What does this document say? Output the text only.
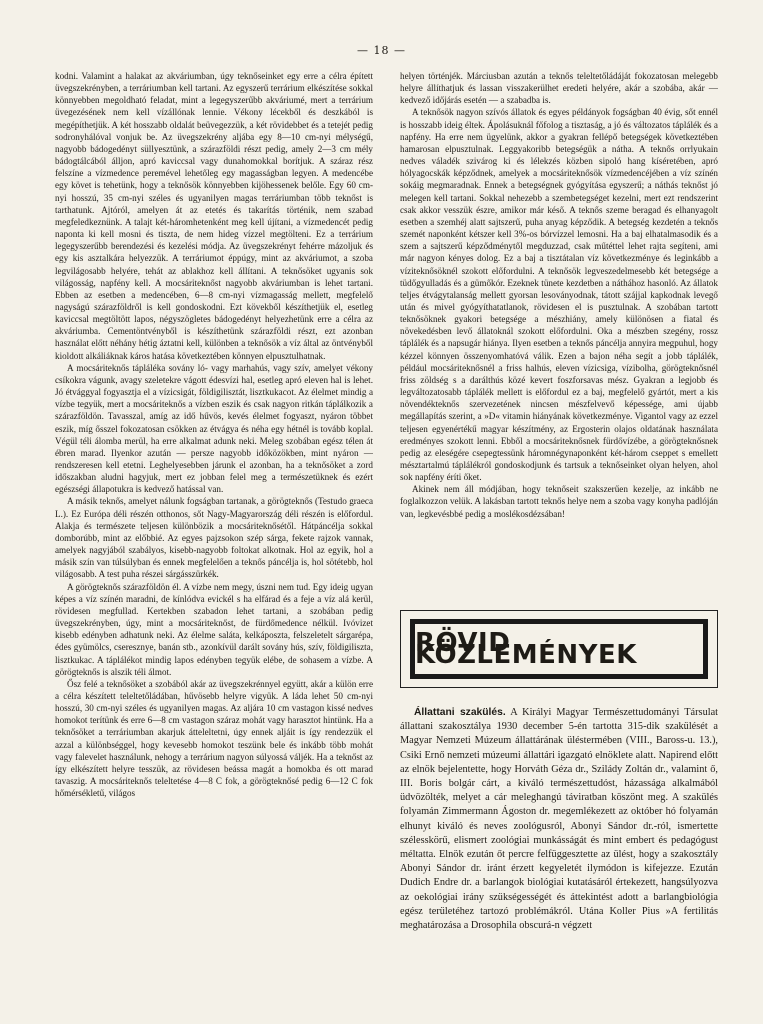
— 18 —

kodni. Valamint a halakat az akváriumban, úgy teknőseinket egy erre a célra épített üvegszekrényben, a terráriumban kell tartani. Az egyszerű terrárium elkészítése sokkal könnyebben megoldható feladat, mint a legegyszerűbb akváriumé, mert a terrárium üvegezésének nem kell vízállónak lennie. Vékony lécekből és deszkából is megépíthetjük. A két hosszabb oldalát beüvegezzük, a két rövidebbet és a tetejét pedig sodronyhálóval vonjuk be. Az üvegszekrény aljába egy 8—10 cm-nyi mélységű, nagyobb bádogedényt süllyesztünk, a szárazföldi részt pedig, amely 2—3 cm mély bádogtálcából álljon, apró kaviccsal vagy dunahomokkal borítjuk. A száraz rész felszíne a vízmedence peremével lehetőleg egy magasságban legyen. A medencébe egy követ is tehetünk, hogy a teknősök könnyebben kijöhessenek belőle. Egy 60 cm-nyi hosszú, 35 cm-nyi széles és ugyanilyen magas terráriumban több teknőst is tarthatunk. Ajtóról, amelyen át az etetés és takarítás történik, nem szabad megfeledkeznünk. A talajt két-háromhetenként meg kell újítani, a vízmedencét pedig naponta ki kell mosni és tiszta, de nem hideg vízzel megtölteni. Ez a terrárium legegyszerűbb berendezési és kezelési módja. Az üvegszekrényt fehérre mázoljuk és egy kis asztalkára helyezzük. A terráriumot éppúgy, mint az akváriumot, a szoba legvilágosabb helyére, tehát az ablakhoz kell állítani. A teknősöket ugyanis sok világosság, napfény kell. A mocsáriteknőst nagyobb akváriumban is lehet tartani. Ebben az esetben a medencében, 6—8 cm-nyi vízmagasság mellett, megfelelő nagyságú szárazföldről is kell gondoskodni. Ezt kövekből készíthetjük el, esetleg kaviccsal megtöltött lapos, négyszögletes bádogedényt helyezhetünk erre a célra az akváriumba. Cementöntvényből is készíthetünk szárazföldi részt, ezt azonban használat előtt néhány hétig áztatni kell, különben a teknősök a víz által az öntvényből kioldott alkáliáknak káros hatása következtében könnyen elpusztulhatnak.

A mocsáriteknős táplálékа sovány ló- vagy marhahús, vagy szív, amelyet vékony csíkokra vágunk, avagy szeletekre vágott édesvízi hal, esetleg apró eleven hal is lehet. Jó étvággyal fogyasztja el a vízicsigát, földigilisztát, lisztkukacot. Az élelmet mindig a vízbe tegyük, mert a mocsáriteknős a vízben eszik és csak nagyon ritkán táplálkozik a szárazföldön. Tavasszal, amíg az idő hűvös, kevés élelmet fogyaszt, nyáron többet eszik, míg ősszel fokozatosan csökken az étvágya és néha egy hétnél is tovább koplal. Végül téli álomba merül, ha erre alkalmat adunk neki. Meleg szobában egész télen át ébren marad. Ilyenkor azután — persze nagyobb időközökben, mint nyáron — rendszeresen kell etetni. Leghelyesebben járunk el azonban, ha a teknősöket a zord időszakban aludni hagyjuk, mert ez jobban felel meg a természetüknek és ezért egészségi állapotukra is kedvező hatással van.

A másik teknős, amelyet nálunk fogságban tartanak, a görögteknős (Testudo graeca L.). Ez Európa déli részén otthonos, sőt Nagy-Magyarország déli részén is előfordul. Alakja és természete teljesen különbözik a mocsáriteknősétől. Hátpáncélja sokkal domborúbb, mint az előbbié. Az egyes pajzsokon szép sárga, fekete rajzok vannak, amelyek nagyjából szabályos, kisebb-nagyobb foltokat alkotnak. Hol az egyik, hol a másik szín van túlsúlyban és ennek megfelelően a teknős páncélja is, hol sötétebb, hol világosabb. A test puha részei sárgásszürkék.

A görögteknős szárazföldön él. A vízbe nem megy, úszni nem tud. Egy ideig ugyan képes a víz színén maradni, de kínlódva evickél s ha elfárad és a feje a víz alá kerül, rövidesen megfullad. Kertekben szabadon lehet tartani, a szobában pedig üvegszekrényben, úgy, mint a mocsáriteknőst, de fürdőmedence nélkül. Ivóvizet kisebb edényben adhatunk neki. Az élelme saláta, kelkáposzta, felszeletelt sárgarépa, édes gyümölcs, cseresznye, banán stb., azonkívül darált sovány hús, szív, földigiliszta, lisztkukac. A táplálékot mindig lapos edényben tegyük elébe, de sohasem a vízbe. A görögteknős is alszik téli álmot.

Ősz felé a teknősöket a szobából akár az üvegszekrénnyel együtt, akár a külön erre a célra készített teleltetőládában, hűvösebb helyre vigyük. A láda lehet 50 cm-nyi hosszú, 30 cm-nyi széles és ugyanilyen magas. Az aljára 10 cm vastagon kissé nedves homokot terítünk és erre 6—8 cm vastagon száraz mohát vagy harasztot hintünk. Ha a teknősöket a terráriumban akarjuk átteleltetni, úgy ennek aljáit is így rendezzük el azzal a különbséggel, hogy kevesebb homokot teszünk bele és inkább több mohát vagy falevelet használunk, nehogy a terrárium nagyon súlyossá váljék. Ha a teknőst az így elkészített helyre tesszük, az rövidesen beássa magát a homokba és ott marad tavaszig. A mocsáriteknős teleltetése 4—8 C fok, a görögteknősé pedig 6—12 C fok hőmérsékletű, világos

helyen történjék. Márciusban azután a teknős teleltetőládáját fokozatosan melegebb helyre állíthatjuk és lassan visszakerülhet eredeti helyére, akár a szobába, akár — kedvező időjárás esetén — a szabadba is.

A teknősök nagyon szívós állatok és egyes példányok fogságban 40 évig, sőt ennél is hosszabb ideig éltek. Ápolásuknál főfolog a tisztaság, a jó és változatos táplálék és a napfény. Ha erre nem ügyelünk, akkor a gyakran fellépő betegségek következtében hamarosan elpusztulnak. Leggyakoribb betegségük a nátha. A teknős orrlyukain nedves váladék szivárog ki és lélekzés közben sipoló hang kíséretében, apró hólyagocskák képződnek, amelyek a mocsáriteknősök vízmedencéjében a víz színén sokáig megmaradnak. Ennek a betegségnek gyógyítása egyszerű; a náthás teknőst jó melegen kell tartani. Sokkal nehezebb a szembetegséget kezelni, mert ezt rendszerint csak akkor vesszük észre, amikor már késő. A teknős szeme beragad és elhanyagolt esetben a szemhéj alatt sajtszerű, puha anyag képződik. A betegség kezdetén a teknős szemét naponként kétszer kell 3%-os bórvízzel lemosni. Ha a baj elhatalmasodik és a szem a sajtszerű képződménytől megduzzad, csak műtéttel lehet rajta segíteni, ami már nagyon kényes dolog. Ez a baj a tisztátalan víz következménye és leginkább a víziteknősöknél szokott előfordulni. A teknősök legveszedelmesebb két betegsége a tüdőgyulladás és a gümőkór. Ezeknek tünete kezdetben a náthához hasonló. Az állatok teljes étvágytalanság mellett gyorsan lesoványodnak, tátott szájjal kapkodnak levegő után és mivel gyógyíthatatlanok, rövidesen el is pusztulnak. A szobában tartott teknősöknek gyakori betegsége a mészhiány, amely különösen a fiatal és növekedésben levő állatoknál szokott előfordulni. Oka a mészben szegény, rossz táplálék és a napsugár hiánya. Ilyen esetben a teknős páncélja annyira megpuhul, hogy kézzel könnyen összenyomhatóvá válik. Ezen a bajon néha segít a jobb táplálék, például mocsáriteknősnél a friss halhús, eleven vízicsiga, vízibolha, görögteknősnél friss zöldség s a darálthús közé kevert foszforsavas mész. Gyakran a legjobb és legváltozatosabb táplálék mellett is előfordul ez a baj, megfelelő gyártót, mert a kis növendékteknős szervezetének nincsen mészfelvevő képessége, ami újabb megállapítás szerint, a »D« vitamin hiányának következménye. Vigantol vagy az ezzel teljesen egyenértékű magyar készítmény, az Ergosterin olajos oldatának használata eredményes szokott lenni. Ebből a mocsáriteknősnek fürdővízébe, a görögteknősnek pedig az eleségére csepegtessünk háromnégynaponként két-három cseppet s emellett mésztartalmú táplálékról gondoskodjunk és tartsuk a teknőseinket olyan helyen, ahol sok napfény éríti őket.

Akinek nem áll módjában, hogy teknőseit szakszerűen kezelje, az inkább ne foglalkozzon velük. A lakásban tartott teknős helye nem a szoba vagy konyha padlóján van, legkevésbbé pedig a moslékosdézsában!

RÖVID KÖZLEMÉNYEK

Állattani szakülés. A Királyi Magyar Természettudományi Társulat állattani szakosztálya 1930 december 5-én tartotta 315-dik szakülését a Magyar Nemzeti Múzeum állattárának üléstermében (VIII., Baross-u. 13.), Csiki Ernő nemzeti múzeumi állattári igazgató elnöklete alatt. Napirend előtt az elnök bejelentette, hogy Horváth Géza dr., Szilády Zoltán dr., valamint ő, III. Boris bolgár cárt, a kiváló természettudóst, házassága alkalmából üdvözölték, melyet a cár meleghangú táviratban köszönt meg. A szakülés folyamán Zimmermann Ágoston dr. megemlékezett az október hó folyamán elhunyt kiváló és neves zoológusról, Abonyi Sándor dr.-ról, ismertette szélesskörű, elismert zoológiai munkásságát és mint embert és pedagógust méltatta. Elnök ezután őt percre felfüggesztette az ülést, hogy a szakosztály Abonyi Sándor dr. iránt érzett kegyeletét ilymódon is kifejezze. Ezután Dudich Endre dr. a barlangok biológiai kutatásáról értekezett, hangsúlyozva az oekológiai irány szükségességét és áttekintést adott a barlangbiológia egész területéhez tartozó problémákról. Utána Koller Pius »A fertilitás meghatározása a Drosophila obscurá-n végzett
